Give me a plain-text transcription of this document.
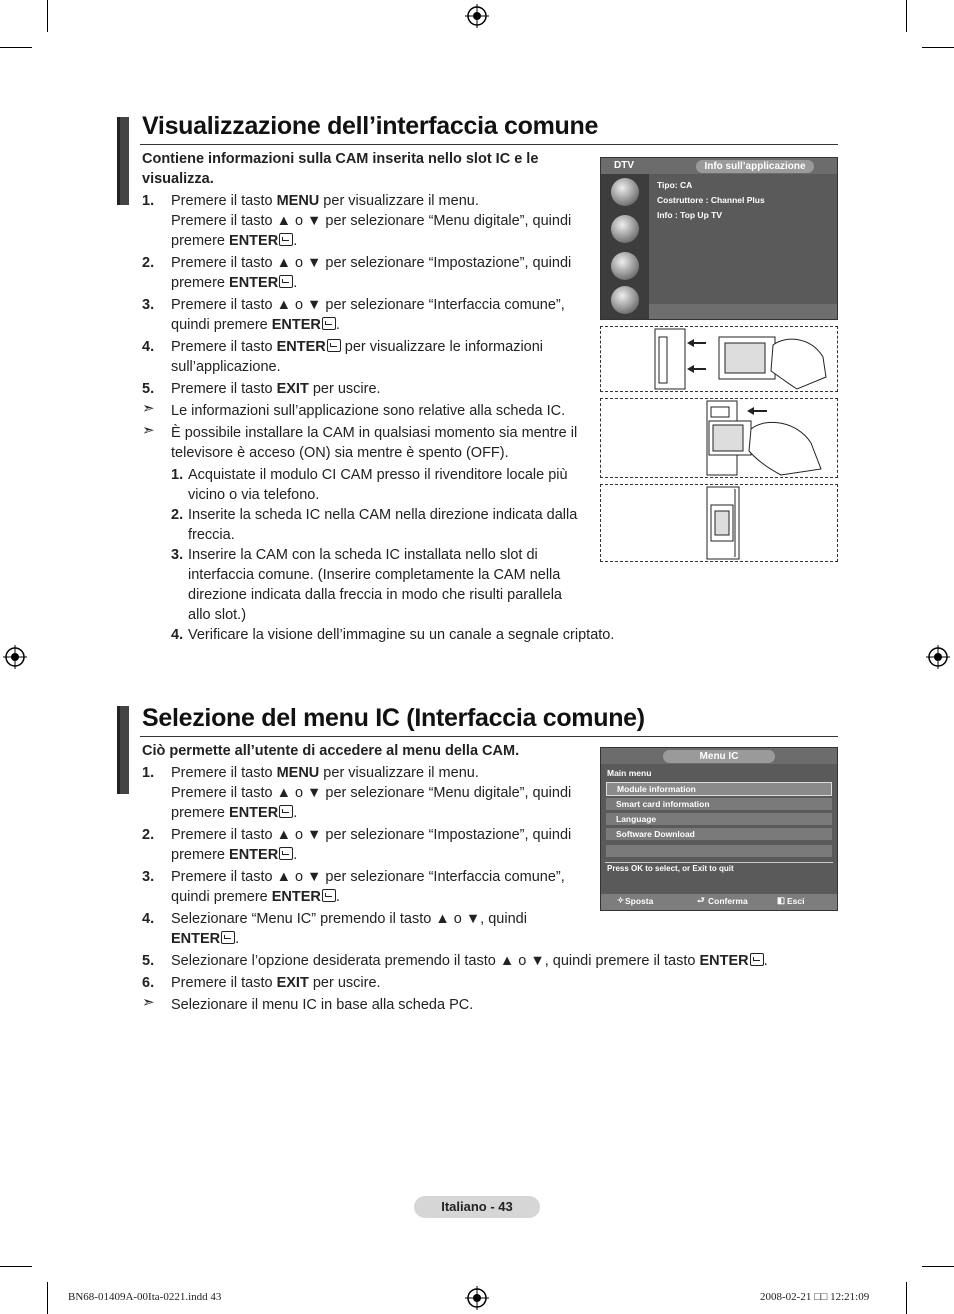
Visualizzazione dell’interfaccia comune
Contiene informazioni sulla CAM inserita nello slot IC e le
visualizza.
1. Premere il tasto MENU per visualizzare il menu.
Premere il tasto ▲ o ▼ per selezionare “Menu digitale”, quindi
premere ENTER .
2. Premere il tasto ▲ o ▼ per selezionare “Impostazione”, quindi
premere ENTER .
3. Premere il tasto ▲ o ▼ per selezionare “Interfaccia comune”,
quindi premere ENTER .
4. Premere il tasto ENTER per visualizzare le informazioni
sull’applicazione.
5. Premere il tasto EXIT per uscire.
➣ Le informazioni sull’applicazione sono relative alla scheda IC.
➣ È possibile installare la CAM in qualsiasi momento sia mentre il
televisore è acceso (ON) sia mentre è spento (OFF).
1. Acquistate il modulo CI CAM presso il rivenditore locale più
vicino o via telefono.
2. Inserite la scheda IC nella CAM nella direzione indicata dalla
freccia.
3. Inserire la CAM con la scheda IC installata nello slot di
interfaccia comune. (Inserire completamente la CAM nella
direzione indicata dalla freccia in modo che risulti parallela
allo slot.)
4. Verificare la visione dell’immagine su un canale a segnale criptato.
DTV	Info sull’applicazione
Tipo: CA
Costruttore : Channel Plus
Info : Top Up TV
Selezione del menu IC (Interfaccia comune)
Ciò permette all’utente di accedere al menu della CAM.
1. Premere il tasto MENU per visualizzare il menu.
Premere il tasto ▲ o ▼ per selezionare “Menu digitale”, quindi
premere ENTER .
2. Premere il tasto ▲ o ▼ per selezionare “Impostazione”, quindi
premere ENTER .
3. Premere il tasto ▲ o ▼ per selezionare “Interfaccia comune”,
quindi premere ENTER .
4. Selezionare “Menu IC” premendo il tasto ▲ o ▼, quindi
ENTER .
5. Selezionare l’opzione desiderata premendo il tasto ▲ o ▼, quindi premere il tasto ENTER .
6. Premere il tasto EXIT per uscire.
➣ Selezionare il menu IC in base alla scheda PC.
Menu IC
Main menu
Module information
Smart card information
Language
Software Download
Press OK to select, or Exit to quit
✧ Sposta	⮐ Conferma	◧ Esci
Italiano - 43
BN68-01409A-00Ita-0221.indd 43	2008-02-21 □□ 12:21:09
